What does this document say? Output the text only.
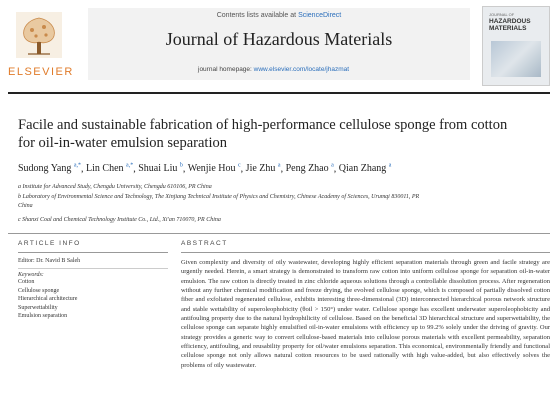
ELSEVIER
Contents lists available at ScienceDirect
Journal of Hazardous Materials
journal homepage: www.elsevier.com/locate/jhazmat
JOURNAL OF
HAZARDOUS
MATERIALS
Facile and sustainable fabrication of high-performance cellulose sponge from cotton for oil-in-water emulsion separation
Sudong Yang $^{a,*}$, Lin Chen $^{a,*}$, Shuai Liu $^b$, Wenjie Hou $^c$, Jie Zhu $^a$, Peng Zhao $^a$, Qian Zhang $^a$
a Institute for Advanced Study, Chengdu University, Chengdu 610106, PR China
b Laboratory of Environmental Science and Technology, The Xinjiang Technical Institute of Physics and Chemistry, Chinese Academy of Sciences, Urumqi 830011, PR
China
c Shanxi Coal and Chemical Technology Institute Co., Ltd., Xi'an 710070, PR China
ARTICLE INFO
Editor: Dr. Navid B Saleh
Keywords:
Cotton
Cellulose sponge
Hierarchical architecture
Superwettability
Emulsion separation
ABSTRACT
Given complexity and diversity of oily wastewater, developing highly efficient separation materials through green and facile strategy are urgently needed. Herein, a smart strategy is demonstrated to transform raw cotton into uniform cellulose sponge for separation oil-in-water emulsion. The raw cotton is directly treated in zinc chloride aqueous solutions through a controllable dissolution process. After regeneration without any further chemical modification and freeze drying, the evolved cellulose sponge, which is composed of partially dissolved cotton fiber and exfoliated regenerated cellulose, exhibits interesting three-dimensional (3D) interconnected hierarchical porous network structure and stable wettability of superoleophobicity (θoil > 150°) under water. Cellulose sponge has excellent underwater superoleophobicity and antifouling property due to the natural hydrophilicity of cellulose. Based on the beneficial 3D hierarchical structure and superwettability, the cellulose sponge can separate highly emulsified oil-in-water emulsions with efficiency up to 99.2% solely under the driving of gravity. Our strategy provides a generic way to convert cellulose-based materials into cellulose porous materials with excellent permeability, separation efficiency, antifouling, and reusability property for oil/water emulsions separation. This economical, environmentally friendly and functional cellulose sponge not only allows natural cotton resources to be used rationally with high value-added, but also effectively solves the problems of oily wastewater.
